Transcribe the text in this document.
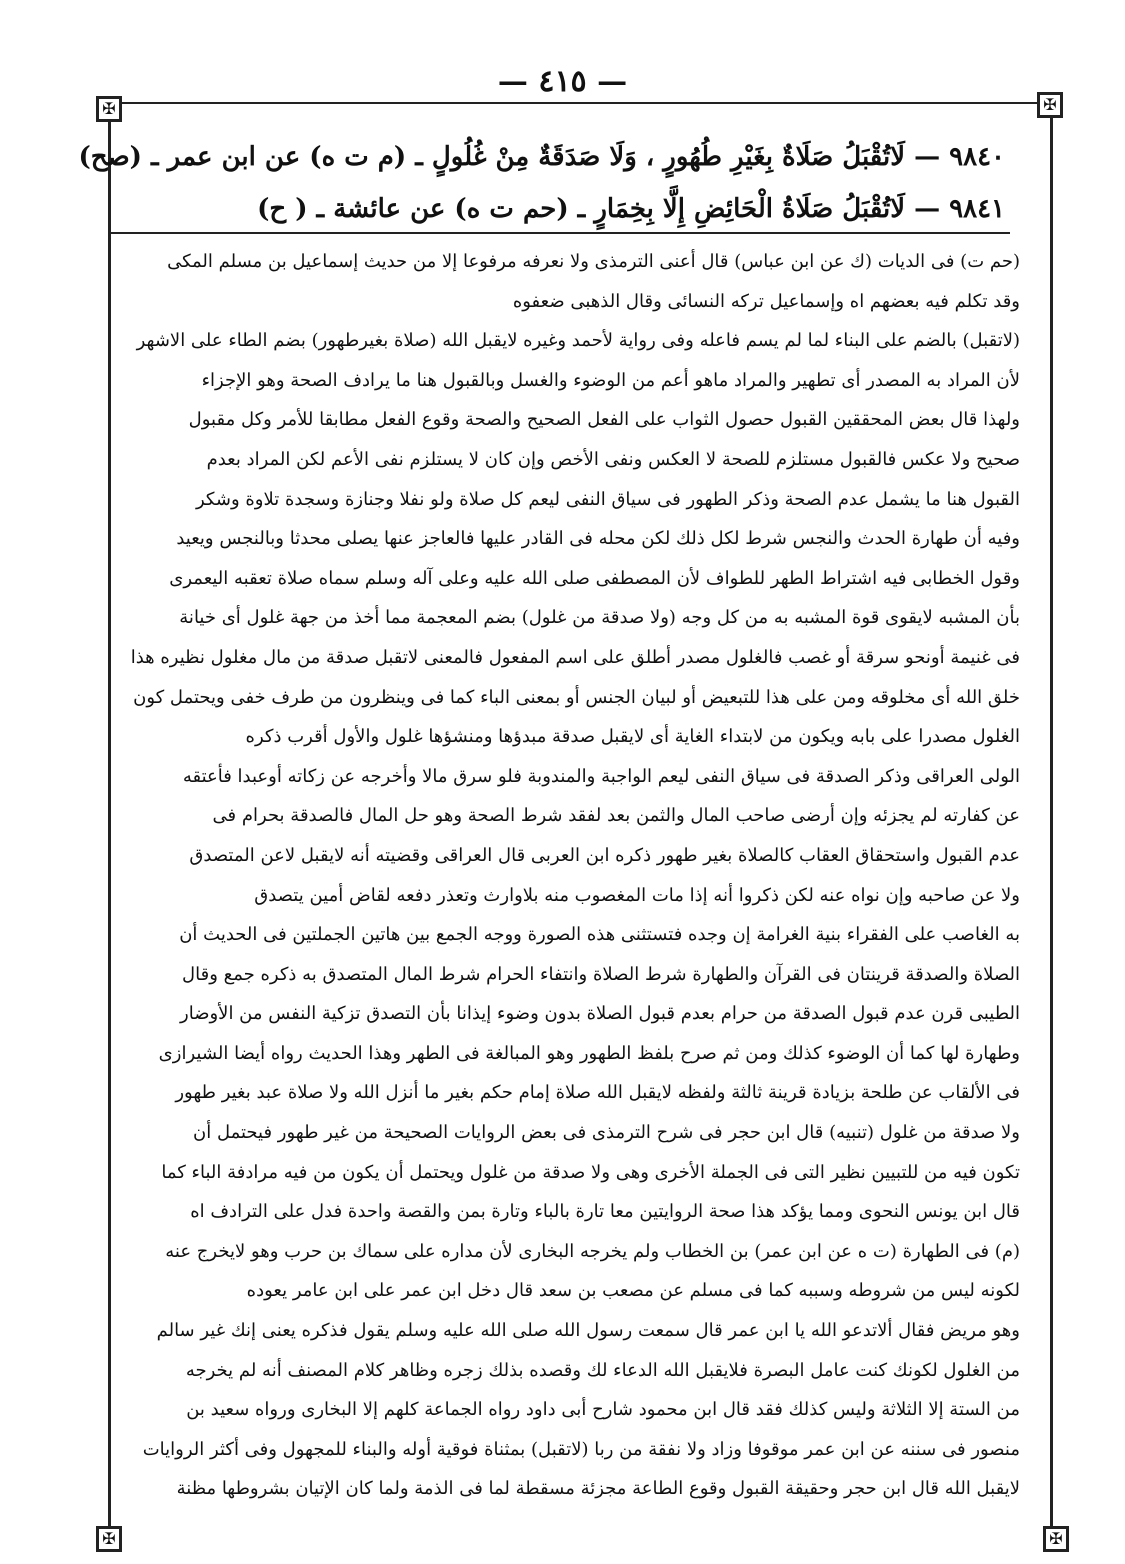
✠	✠
✠	✠
— ٤١٥ —
٩٨٤٠ — لَاتُقْبَلُ صَلَاةٌ بِغَيْرِ طُهُورٍ ، وَلَا صَدَقَةٌ مِنْ غُلُولٍ ـ (م ت ه) عن ابن عمر ـ (صح)
٩٨٤١ — لَاتُقْبَلُ صَلَاةُ الْحَائِضِ إِلَّا بِخِمَارٍ ـ (حم ت ه) عن عائشة ـ ( ح)

(حم ت) فى الديات (ك عن ابن عباس) قال أعنى الترمذى ولا نعرفه مرفوعا إلا من حديث إسماعيل بن مسلم المكى

وقد تكلم فيه بعضهم اه وإسماعيل تركه النسائى وقال الذهبى ضعفوه

(لاتقبل) بالضم على البناء لما لم يسم فاعله وفى رواية لأحمد وغيره لايقبل الله (صلاة بغيرطهور) بضم الطاء على الاشهر

لأن المراد به المصدر أى تطهير والمراد ماهو أعم من الوضوء والغسل وبالقبول هنا ما يرادف الصحة وهو الإجزاء

ولهذا قال بعض المحققين القبول حصول الثواب على الفعل الصحيح والصحة وقوع الفعل مطابقا للأمر وكل مقبول

صحيح ولا عكس فالقبول مستلزم للصحة لا العكس ونفى الأخص وإن كان لا يستلزم نفى الأعم لكن المراد بعدم

القبول هنا ما يشمل عدم الصحة وذكر الطهور فى سياق النفى ليعم كل صلاة ولو نفلا وجنازة وسجدة تلاوة وشكر

وفيه أن طهارة الحدث والنجس شرط لكل ذلك لكن محله فى القادر عليها فالعاجز عنها يصلى محدثا وبالنجس ويعيد

وقول الخطابى فيه اشتراط الطهر للطواف لأن المصطفى صلى الله عليه وعلى آله وسلم سماه صلاة تعقبه اليعمرى

بأن المشبه لايقوى قوة المشبه به من كل وجه (ولا صدقة من غلول) بضم المعجمة مما أخذ من جهة غلول أى خيانة

فى غنيمة أونحو سرقة أو غصب فالغلول مصدر أطلق على اسم المفعول فالمعنى لاتقبل صدقة من مال مغلول نظيره هذا

خلق الله أى مخلوقه ومن على هذا للتبعيض أو لبيان الجنس أو بمعنى الباء كما فى وينظرون من طرف خفى ويحتمل كون

الغلول مصدرا على بابه ويكون من لابتداء الغاية أى لايقبل صدقة مبدؤها ومنشؤها غلول والأول أقرب ذكره

الولى العراقى وذكر الصدقة فى سياق النفى ليعم الواجبة والمندوبة فلو سرق مالا وأخرجه عن زكاته أوعبدا فأعتقه

عن كفارته لم يجزئه وإن أرضى صاحب المال والثمن بعد لفقد شرط الصحة وهو حل المال فالصدقة بحرام فى

عدم القبول واستحقاق العقاب كالصلاة بغير طهور ذكره ابن العربى قال العراقى وقضيته أنه لايقبل لاعن المتصدق

ولا عن صاحبه وإن نواه عنه لكن ذكروا أنه إذا مات المغصوب منه بلاوارث وتعذر دفعه لقاض أمين يتصدق

به الغاصب على الفقراء بنية الغرامة إن وجده فتستثنى هذه الصورة ووجه الجمع بين هاتين الجملتين فى الحديث أن

الصلاة والصدقة قرينتان فى القرآن والطهارة شرط الصلاة وانتفاء الحرام شرط المال المتصدق به ذكره جمع وقال

الطيبى قرن عدم قبول الصدقة من حرام بعدم قبول الصلاة بدون وضوء إيذانا بأن التصدق تزكية النفس من الأوضار

وطهارة لها كما أن الوضوء كذلك ومن ثم صرح بلفظ الطهور وهو المبالغة فى الطهر وهذا الحديث رواه أيضا الشيرازى

فى الألقاب عن طلحة بزيادة قرينة ثالثة ولفظه لايقبل الله صلاة إمام حكم بغير ما أنزل الله ولا صلاة عبد بغير طهور

ولا صدقة من غلول (تنبيه) قال ابن حجر فى شرح الترمذى فى بعض الروايات الصحيحة من غير طهور فيحتمل أن

تكون فيه من للتبيين نظير التى فى الجملة الأخرى وهى ولا صدقة من غلول ويحتمل أن يكون من فيه مرادفة الباء كما

قال ابن يونس النحوى ومما يؤكد هذا صحة الروايتين معا تارة بالباء وتارة بمن والقصة واحدة فدل على الترادف اه

(م) فى الطهارة (ت ه عن ابن عمر) بن الخطاب ولم يخرجه البخارى لأن مداره على سماك بن حرب وهو لايخرج عنه

لكونه ليس من شروطه وسببه كما فى مسلم عن مصعب بن سعد قال دخل ابن عمر على ابن عامر يعوده

وهو مريض فقال ألاتدعو الله يا ابن عمر قال سمعت رسول الله صلى الله عليه وسلم يقول فذكره يعنى إنك غير سالم

من الغلول لكونك كنت عامل البصرة فلايقبل الله الدعاء لك وقصده بذلك زجره وظاهر كلام المصنف أنه لم يخرجه

من الستة إلا الثلاثة وليس كذلك فقد قال ابن محمود شارح أبى داود رواه الجماعة كلهم إلا البخارى ورواه سعيد بن

منصور فى سننه عن ابن عمر موقوفا وزاد ولا نفقة من ربا (لاتقبل) بمثناة فوقية أوله والبناء للمجهول وفى أكثر الروايات

لايقبل الله قال ابن حجر وحقيقة القبول وقوع الطاعة مجزئة مسقطة لما فى الذمة ولما كان الإتيان بشروطها مظنة
